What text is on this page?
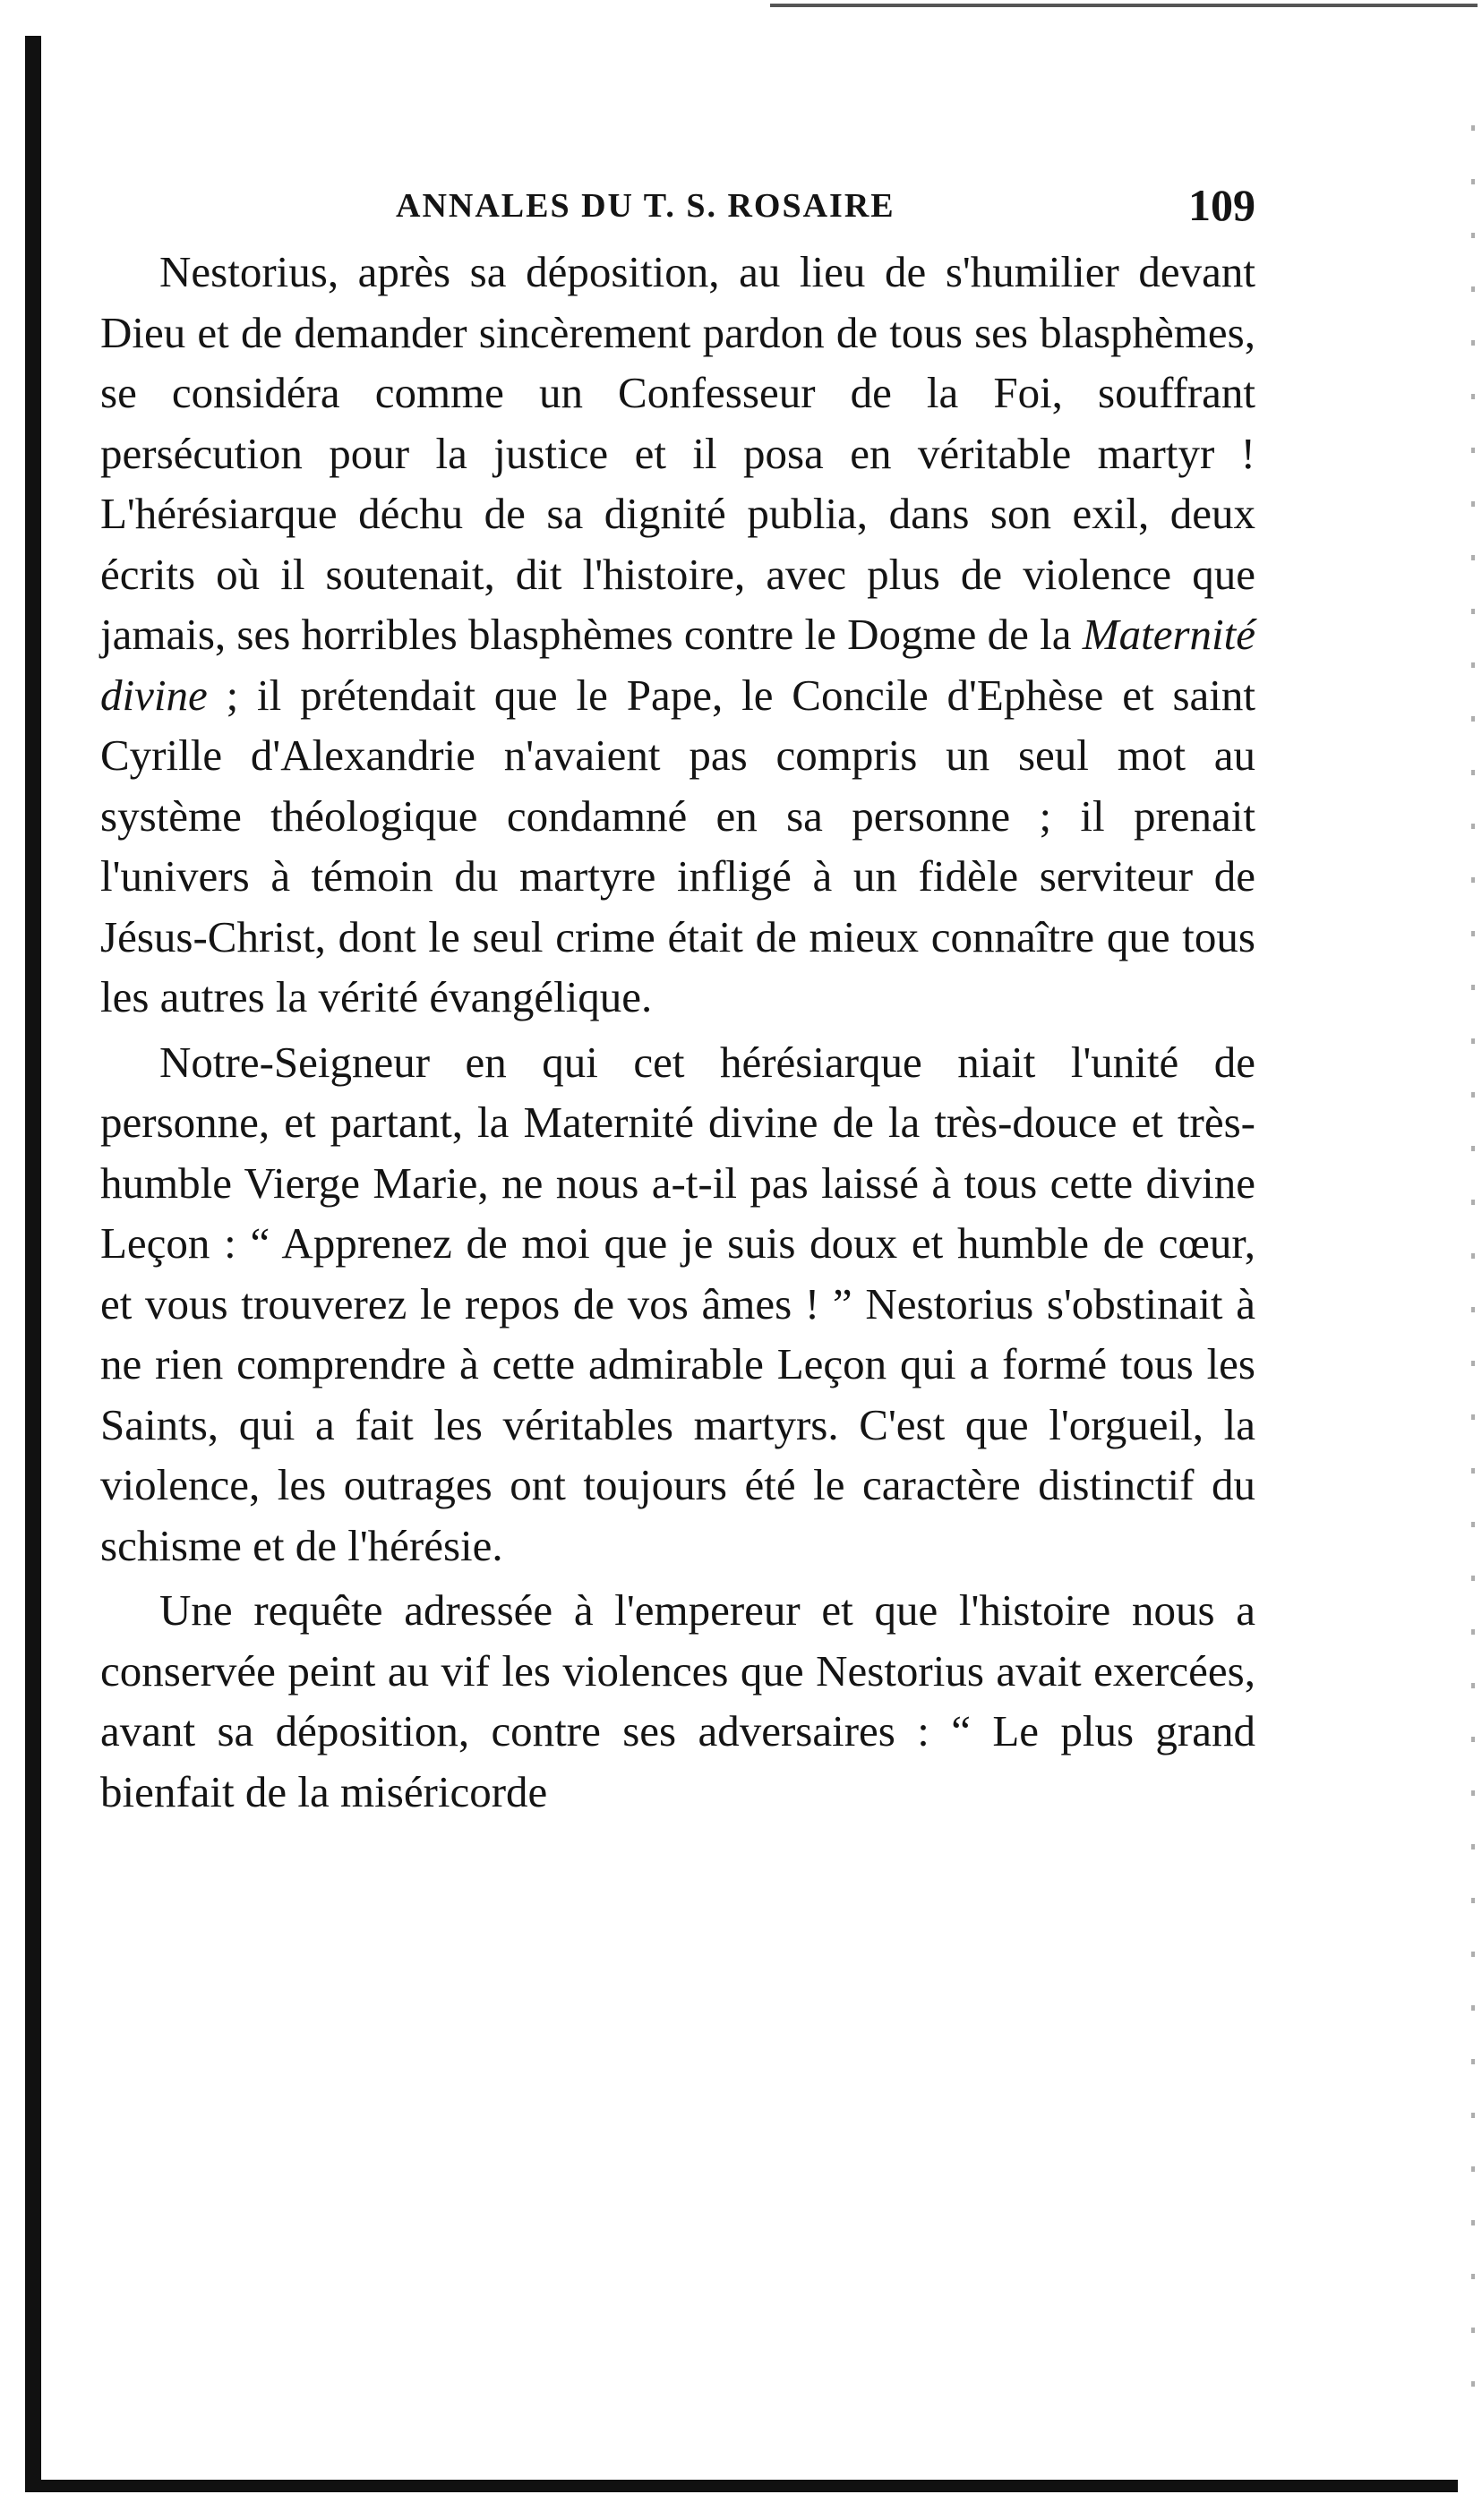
ANNALES DU T. S. ROSAIRE	109

Nestorius, après sa déposition, au lieu de s'humilier devant Dieu et de demander sincèrement pardon de tous ses blasphèmes, se considéra comme un Confesseur de la Foi, souffrant persécution pour la justice et il posa en véritable martyr ! L'hérésiarque déchu de sa dignité publia, dans son exil, deux écrits où il soutenait, dit l'histoire, avec plus de violence que jamais, ses horribles blasphèmes contre le Dogme de la Maternité divine ; il prétendait que le Pape, le Concile d'Ephèse et saint Cyrille d'Alexandrie n'avaient pas compris un seul mot au système théologique condamné en sa personne ; il prenait l'univers à témoin du martyre infligé à un fidèle serviteur de Jésus-Christ, dont le seul crime était de mieux connaître que tous les autres la vérité évangélique.

Notre-Seigneur en qui cet hérésiarque niait l'unité de personne, et partant, la Maternité divine de la très-douce et très-humble Vierge Marie, ne nous a-t-il pas laissé à tous cette divine Leçon : “ Apprenez de moi que je suis doux et humble de cœur, et vous trouverez le repos de vos âmes ! ” Nestorius s'obstinait à ne rien comprendre à cette admirable Leçon qui a formé tous les Saints, qui a fait les véritables martyrs. C'est que l'orgueil, la violence, les outrages ont toujours été le caractère distinctif du schisme et de l'hérésie.

Une requête adressée à l'empereur et que l'histoire nous a conservée peint au vif les violences que Nestorius avait exercées, avant sa déposition, contre ses adversaires : “ Le plus grand bienfait de la miséricorde
